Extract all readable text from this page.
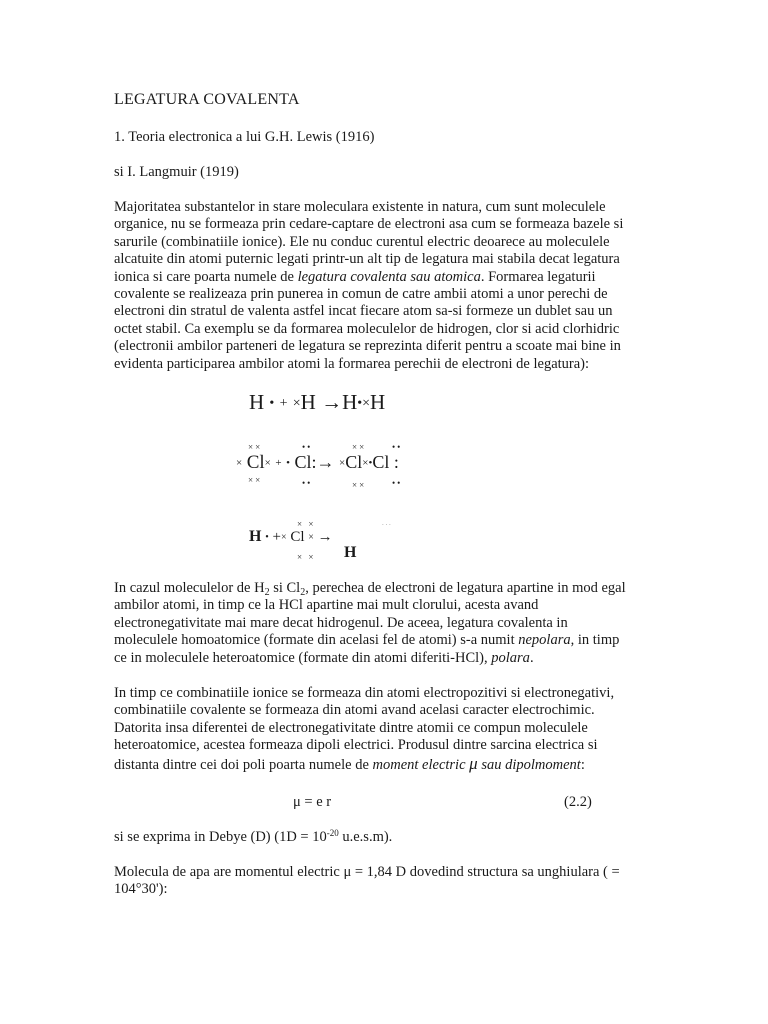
LEGATURA COVALENTA
1. Teoria electronica a lui G.H. Lewis (1916)
si I. Langmuir (1919)

Majoritatea substantelor in stare moleculara existente in natura, cum sunt moleculele organice, nu se formeaza prin cedare-captare de electroni asa cum se formeaza bazele si sarurile (combinatiile ionice). Ele nu conduc curentul electric deoarece au moleculele alcatuite din atomi puternic legati printr-un alt tip de legatura mai stabila decat legatura ionica si care poarta numele de legatura covalenta sau atomica. Formarea legaturii covalente se realizeaza prin punerea in comun de catre ambii atomi a unor perechi de electroni din stratul de valenta astfel incat fiecare atom sa-si formeze un dublet sau un octet stabil. Ca exemplu se da formarea moleculelor de hidrogen, clor si acid clorhidric (electronii ambilor parteneri de legatura se reprezinta diferit pentru a scoate mai bine in evidenta participarea ambilor atomi la formarea perechii de electroni de legatura):

H • + ×H →H•×H
××
××
••
••
××
××
••
••
× Cl× + • Cl:→ ×Cl×•Cl :
× ×
× ×
. . .
H • +× Cl × →
H

In cazul moleculelor de $H_2$ si $Cl_2$, perechea de electroni de legatura apartine in mod egal ambilor atomi, in timp ce la HCl apartine mai mult clorului, acesta avand electronegativitate mai mare decat hidrogenul. De aceea, legatura covalenta in moleculele homoatomice (formate din acelasi fel de atomi) s-a numit nepolara, in timp ce in moleculele heteroatomice (formate din atomi diferiti-HCl), polara.

In timp ce combinatiile ionice se formeaza din atomi electropozitivi si electronegativi, combinatiile covalente se formeaza din atomi avand acelasi caracter electrochimic. Datorita insa diferentei de electronegativitate dintre atomii ce compun moleculele heteroatomice, acestea formeaza dipoli electrici. Produsul dintre sarcina electrica si distanta dintre cei doi poli poarta numele de moment electric μ sau dipolmoment:

μ = e r	(2.2)
si se exprima in Debye (D) ($1D = 10^{-20}$ u.e.s.m).
Molecula de apa are momentul electric μ = 1,84 D dovedind structura sa unghiulara ( =
104°30'):
